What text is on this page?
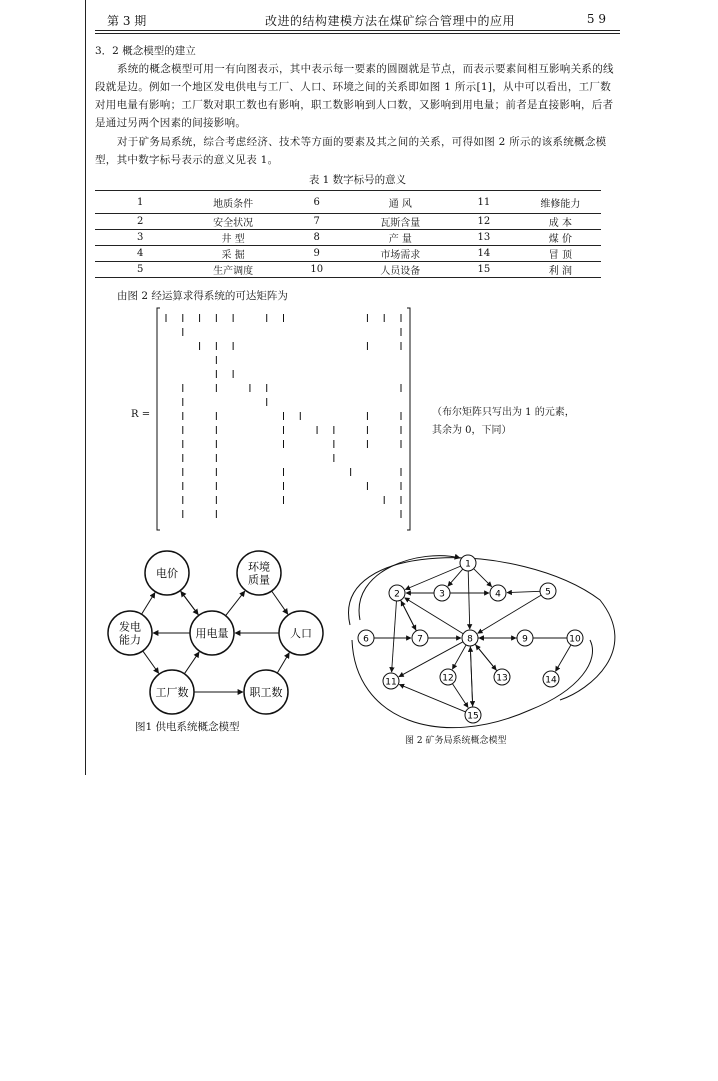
第 3 期	改进的结构建模方法在煤矿综合管理中的应用	5 9
3．2 概念模型的建立
系统的概念模型可用一有向图表示，其中表示每一要素的圆圈就是节点，而表示要素间相互影响关系的线段就是边。例如一个地区发电供电与工厂、人口、环境之间的关系即如图 1 所示[1]，从中可以看出，工厂数对用电量有影响；工厂数对职工数也有影响，职工数影响到人口数，又影响到用电量；前者是直接影响，后者是通过另两个因素的间接影响。
对于矿务局系统，综合考虑经济、技术等方面的要素及其之间的关系，可得如图 2 所示的该系统概念模型，其中数字标号表示的意义见表 1。
表 1 数字标号的意义
1	地质条件	6	通 风	11	维修能力
2	安全状况	7	瓦斯含量	12	成 本
3	井 型	8	产 量	13	煤 价
4	采 掘	9	市场需求	14	冒 顶
5	生产调度	10	人员设备	15	利 润
由图 2 经运算求得系统的可达矩阵为
R =	（布尔矩阵只写出为 1 的元素，
其余为 0，下同）
电价	环境
质量
发电
能力	用电量	人口
工厂数	职工数
1
2	3	4	5
6	7	8	9	10
11	12	13	14
15
图1 供电系统概念模型
图 2 矿务局系统概念模型
